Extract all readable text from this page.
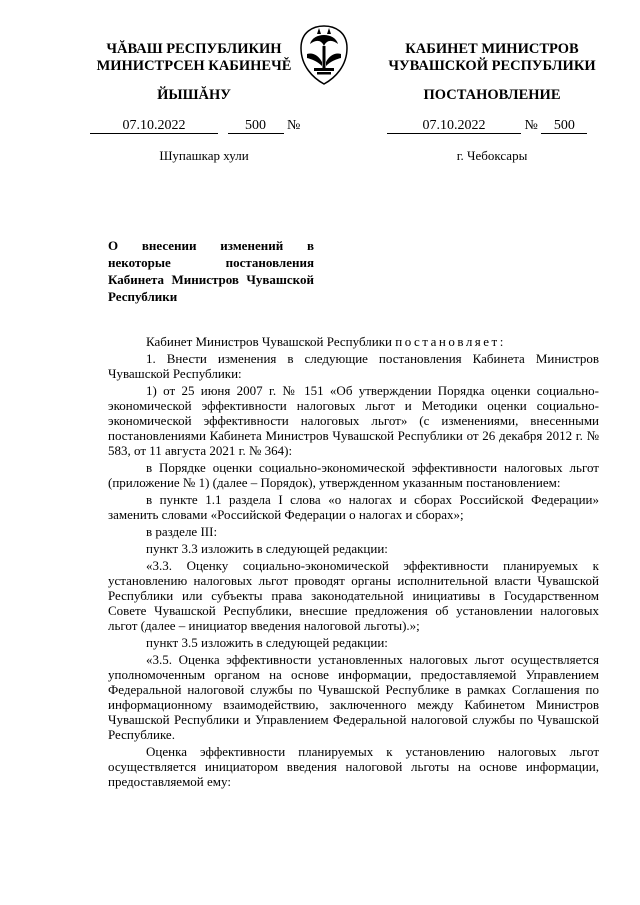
ЧĂВАШ РЕСПУБЛИКИН
МИНИСТРСЕН КАБИНЕЧĚ
ЙЫШĂНУ
КАБИНЕТ МИНИСТРОВ
ЧУВАШСКОЙ РЕСПУБЛИКИ
ПОСТАНОВЛЕНИЕ
07.10.2022	500 №	07.10.2022	№ 500
Шупашкар хули	г. Чебоксары
О внесении изменений в некоторые постановления Кабинета Министров Чувашской Республики

Кабинет Министров Чувашской Республики постановляет:

1. Внести изменения в следующие постановления Кабинета Министров Чувашской Республики:

1) от 25 июня 2007 г. № 151 «Об утверждении Порядка оценки социально-экономической эффективности налоговых льгот и Методики оценки социально-экономической эффективности налоговых льгот» (с изменениями, внесенными постановлениями Кабинета Министров Чувашской Республики от 26 декабря 2012 г. № 583, от 11 августа 2021 г. № 364):

в Порядке оценки социально-экономической эффективности налоговых льгот (приложение № 1) (далее – Порядок), утвержденном указанным постановлением:

в пункте 1.1 раздела I слова «о налогах и сборах Российской Федерации» заменить словами «Российской Федерации о налогах и сборах»;

в разделе III:

пункт 3.3 изложить в следующей редакции:

«3.3. Оценку социально-экономической эффективности планируемых к установлению налоговых льгот проводят органы исполнительной власти Чувашской Республики или субъекты права законодательной инициативы в Государственном Совете Чувашской Республики, внесшие предложения об установлении налоговых льгот (далее – инициатор введения налоговой льготы).»;

пункт 3.5 изложить в следующей редакции:

«3.5. Оценка эффективности установленных налоговых льгот осуществляется уполномоченным органом на основе информации, предоставляемой Управлением Федеральной налоговой службы по Чувашской Республике в рамках Соглашения по информационному взаимодействию, заключенного между Кабинетом Министров Чувашской Республики и Управлением Федеральной налоговой службы по Чувашской Республике.

Оценка эффективности планируемых к установлению налоговых льгот осуществляется инициатором введения налоговой льготы на основе информации, предоставляемой ему:
